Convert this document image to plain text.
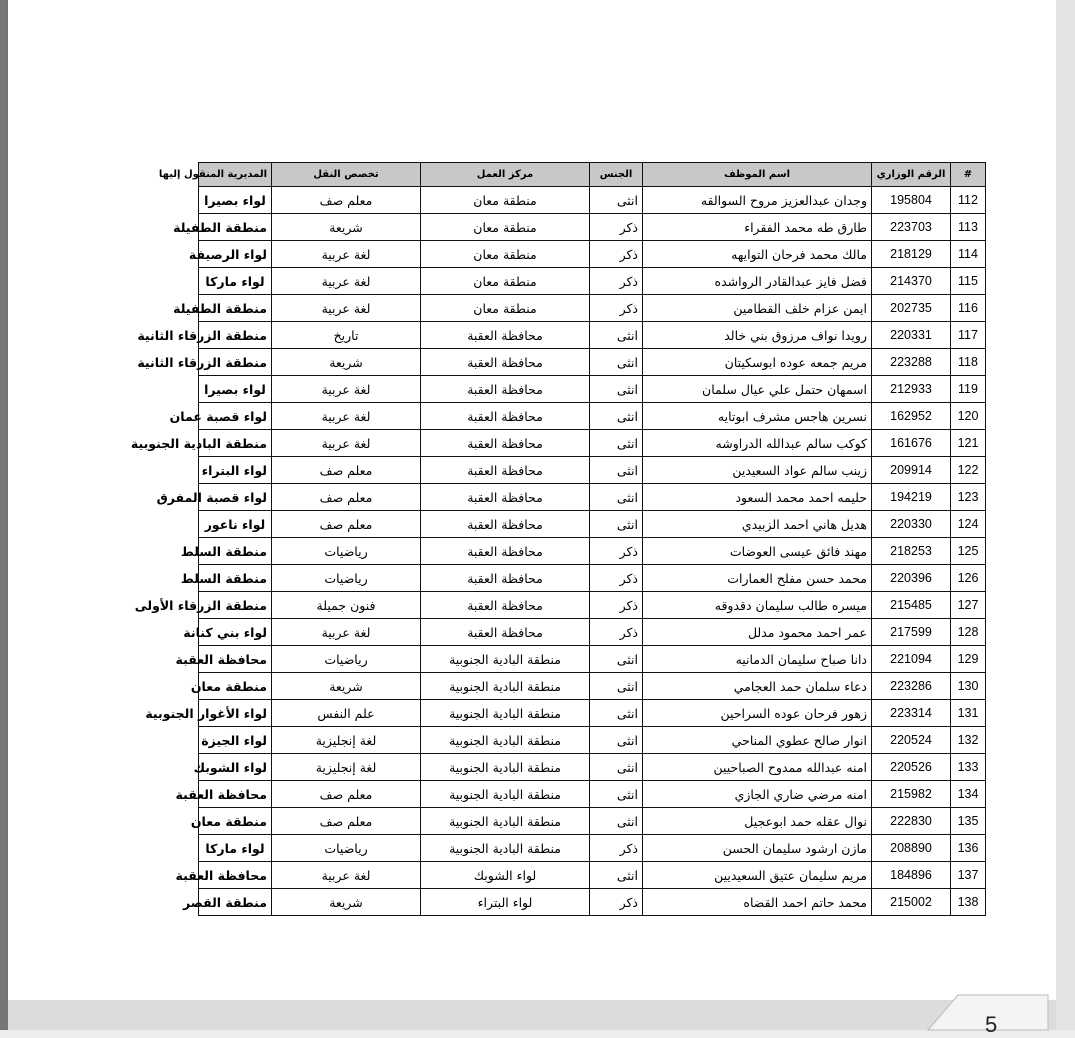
5
#	الرقم الوزاري	اسم الموظف	الجنس	مركز العمل	تخصص النقل	المديرية المنقول إليها
112	195804	وجدان عبدالعزيز مروح السوالقه	انثى	منطقة معان	معلم صف	لواء بصيرا
113	223703	طارق طه محمد الفقراء	ذكر	منطقة معان	شريعة	منطقة الطفيلة
114	218129	مالك محمد فرحان التوايهه	ذكر	منطقة معان	لغة عربية	لواء الرصيفة
115	214370	فضل فايز عبدالقادر الرواشده	ذكر	منطقة معان	لغة عربية	لواء ماركا
116	202735	ايمن عزام خلف القطامين	ذكر	منطقة معان	لغة عربية	منطقة الطفيلة
117	220331	رويدا نواف مرزوق بني خالد	انثى	محافظة العقبة	تاريخ	منطقة الزرقاء الثانية
118	223288	مريم جمعه عوده ابوسكيتان	انثى	محافظة العقبة	شريعة	منطقة الزرقاء الثانية
119	212933	اسمهان حتمل علي عيال سلمان	انثى	محافظة العقبة	لغة عربية	لواء بصيرا
120	162952	نسرين هاجس مشرف ابوتايه	انثى	محافظة العقبة	لغة عربية	لواء قصبة عمان
121	161676	كوكب سالم عبدالله الدراوشه	انثى	محافظة العقبة	لغة عربية	منطقة البادية الجنوبية
122	209914	زينب سالم عواد السعيدين	انثى	محافظة العقبة	معلم صف	لواء البتراء
123	194219	حليمه احمد محمد السعود	انثى	محافظة العقبة	معلم صف	لواء قصبة المفرق
124	220330	هديل هاني احمد الزبيدي	انثى	محافظة العقبة	معلم صف	لواء ناعور
125	218253	مهند فائق عيسى العوضات	ذكر	محافظة العقبة	رياضيات	منطقة السلط
126	220396	محمد حسن مفلح العمارات	ذكر	محافظة العقبة	رياضيات	منطقة السلط
127	215485	ميسره طالب سليمان دقدوقه	ذكر	محافظة العقبة	فنون جميلة	منطقة الزرقاء الأولى
128	217599	عمر احمد محمود مدلل	ذكر	محافظة العقبة	لغة عربية	لواء بني كنانة
129	221094	دانا صباح سليمان الدمانيه	انثى	منطقة البادية الجنوبية	رياضيات	محافظة العقبة
130	223286	دعاء سلمان حمد العجامي	انثى	منطقة البادية الجنوبية	شريعة	منطقة معان
131	223314	زهور فرحان عوده السراحين	انثى	منطقة البادية الجنوبية	علم النفس	لواء الأغوار الجنوبية
132	220524	انوار صالح عطوي المناحي	انثى	منطقة البادية الجنوبية	لغة إنجليزية	لواء الجيزة
133	220526	امنه عبدالله ممدوح الصباحيين	انثى	منطقة البادية الجنوبية	لغة إنجليزية	لواء الشوبك
134	215982	امنه مرضي ضاري الجازي	انثى	منطقة البادية الجنوبية	معلم صف	محافظة العقبة
135	222830	نوال عقله حمد ابوعجيل	انثى	منطقة البادية الجنوبية	معلم صف	منطقة معان
136	208890	مازن ارشود سليمان الحسن	ذكر	منطقة البادية الجنوبية	رياضيات	لواء ماركا
137	184896	مريم سليمان عتيق السعيديين	انثى	لواء الشوبك	لغة عربية	محافظة العقبة
138	215002	محمد حاتم احمد القضاه	ذكر	لواء البتراء	شريعة	منطقة القصر
